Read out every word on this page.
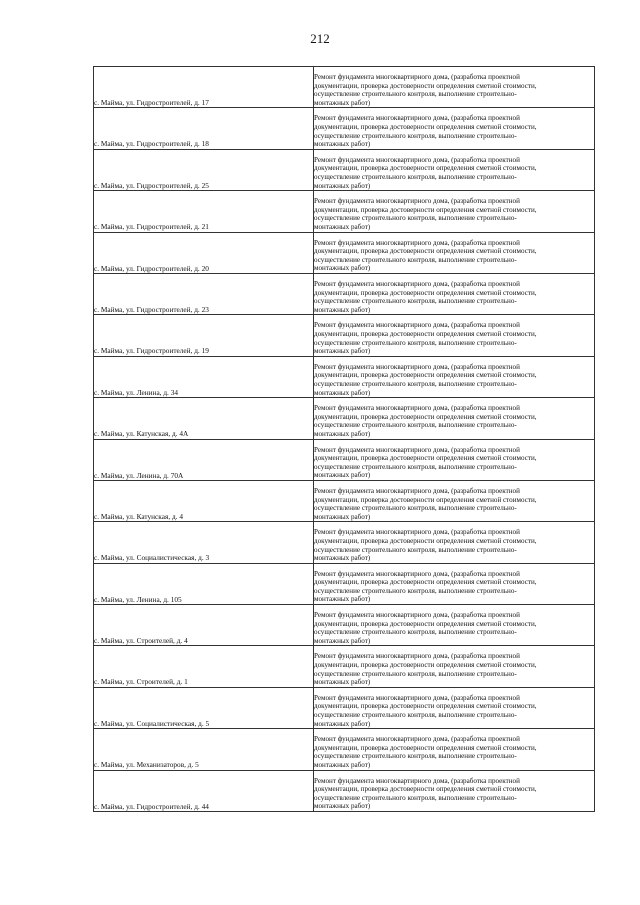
212
с. Майма, ул. Гидростроителей, д. 17	Ремонт фундамента многоквартирного дома, (разработка проектной
документации, проверка достоверности определения сметной стоимости,
осуществление строительного контроля, выполнение строительно-
монтажных работ)

с. Майма, ул. Гидростроителей, д. 18	Ремонт фундамента многоквартирного дома, (разработка проектной
документации, проверка достоверности определения сметной стоимости,
осуществление строительного контроля, выполнение строительно-
монтажных работ)

с. Майма, ул. Гидростроителей, д. 25	Ремонт фундамента многоквартирного дома, (разработка проектной
документации, проверка достоверности определения сметной стоимости,
осуществление строительного контроля, выполнение строительно-
монтажных работ)

с. Майма, ул. Гидростроителей, д. 21	Ремонт фундамента многоквартирного дома, (разработка проектной
документации, проверка достоверности определения сметной стоимости,
осуществление строительного контроля, выполнение строительно-
монтажных работ)

с. Майма, ул. Гидростроителей, д. 20	Ремонт фундамента многоквартирного дома, (разработка проектной
документации, проверка достоверности определения сметной стоимости,
осуществление строительного контроля, выполнение строительно-
монтажных работ)

с. Майма, ул. Гидростроителей, д. 23	Ремонт фундамента многоквартирного дома, (разработка проектной
документации, проверка достоверности определения сметной стоимости,
осуществление строительного контроля, выполнение строительно-
монтажных работ)

с. Майма, ул. Гидростроителей, д. 19	Ремонт фундамента многоквартирного дома, (разработка проектной
документации, проверка достоверности определения сметной стоимости,
осуществление строительного контроля, выполнение строительно-
монтажных работ)

с. Майма, ул. Ленина, д. 34	Ремонт фундамента многоквартирного дома, (разработка проектной
документации, проверка достоверности определения сметной стоимости,
осуществление строительного контроля, выполнение строительно-
монтажных работ)

с. Майма, ул. Катунская, д. 4А	Ремонт фундамента многоквартирного дома, (разработка проектной
документации, проверка достоверности определения сметной стоимости,
осуществление строительного контроля, выполнение строительно-
монтажных работ)

с. Майма, ул. Ленина, д. 70А	Ремонт фундамента многоквартирного дома, (разработка проектной
документации, проверка достоверности определения сметной стоимости,
осуществление строительного контроля, выполнение строительно-
монтажных работ)

с. Майма, ул. Катунская, д. 4	Ремонт фундамента многоквартирного дома, (разработка проектной
документации, проверка достоверности определения сметной стоимости,
осуществление строительного контроля, выполнение строительно-
монтажных работ)

с. Майма, ул. Социалистическая, д. 3	Ремонт фундамента многоквартирного дома, (разработка проектной
документации, проверка достоверности определения сметной стоимости,
осуществление строительного контроля, выполнение строительно-
монтажных работ)

с. Майма, ул. Ленина, д. 105	Ремонт фундамента многоквартирного дома, (разработка проектной
документации, проверка достоверности определения сметной стоимости,
осуществление строительного контроля, выполнение строительно-
монтажных работ)

с. Майма, ул. Строителей, д. 4	Ремонт фундамента многоквартирного дома, (разработка проектной
документации, проверка достоверности определения сметной стоимости,
осуществление строительного контроля, выполнение строительно-
монтажных работ)

с. Майма, ул. Строителей, д. 1	Ремонт фундамента многоквартирного дома, (разработка проектной
документации, проверка достоверности определения сметной стоимости,
осуществление строительного контроля, выполнение строительно-
монтажных работ)

с. Майма, ул. Социалистическая, д. 5	Ремонт фундамента многоквартирного дома, (разработка проектной
документации, проверка достоверности определения сметной стоимости,
осуществление строительного контроля, выполнение строительно-
монтажных работ)

с. Майма, ул. Механизаторов, д. 5	Ремонт фундамента многоквартирного дома, (разработка проектной
документации, проверка достоверности определения сметной стоимости,
осуществление строительного контроля, выполнение строительно-
монтажных работ)

с. Майма, ул. Гидростроителей, д. 44	Ремонт фундамента многоквартирного дома, (разработка проектной
документации, проверка достоверности определения сметной стоимости,
осуществление строительного контроля, выполнение строительно-
монтажных работ)
